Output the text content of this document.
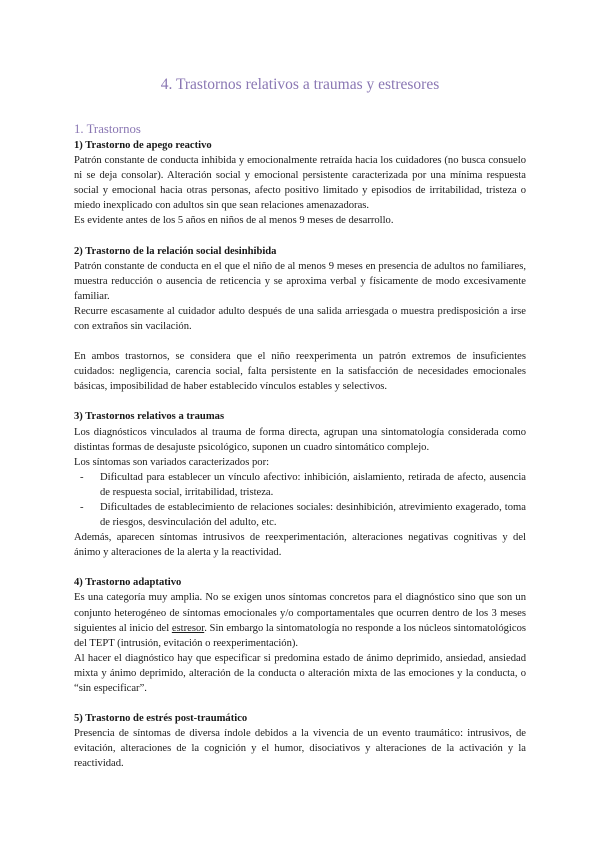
4. Trastornos relativos a traumas y estresores
1. Trastornos

1) Trastorno de apego reactivo

Patrón constante de conducta inhibida y emocionalmente retraída hacia los cuidadores (no busca consuelo ni se deja consolar). Alteración social y emocional persistente caracterizada por una mínima respuesta social y emocional hacia otras personas, afecto positivo limitado y episodios de irritabilidad, tristeza o miedo inexplicado con adultos sin que sean relaciones amenazadoras.

Es evidente antes de los 5 años en niños de al menos 9 meses de desarrollo.

2) Trastorno de la relación social desinhibida

Patrón constante de conducta en el que el niño de al menos 9 meses en presencia de adultos no familiares, muestra reducción o ausencia de reticencia y se aproxima verbal y físicamente de modo excesivamente familiar.

Recurre escasamente al cuidador adulto después de una salida arriesgada o muestra predisposición a irse con extraños sin vacilación.

En ambos trastornos, se considera que el niño reexperimenta un patrón extremos de insuficientes cuidados: negligencia, carencia social, falta persistente en la satisfacción de necesidades emocionales básicas, imposibilidad de haber establecido vínculos estables y selectivos.

3) Trastornos relativos a traumas

Los diagnósticos vinculados al trauma de forma directa, agrupan una sintomatología considerada como distintas formas de desajuste psicológico, suponen un cuadro sintomático complejo.

Los síntomas son variados caracterizados por:

- Dificultad para establecer un vínculo afectivo: inhibición, aislamiento, retirada de afecto, ausencia de respuesta social, irritabilidad, tristeza.
- Dificultades de establecimiento de relaciones sociales: desinhibición, atrevimiento exagerado, toma de riesgos, desvinculación del adulto, etc.

Además, aparecen síntomas intrusivos de reexperimentación, alteraciones negativas cognitivas y del ánimo y alteraciones de la alerta y la reactividad.

4) Trastorno adaptativo

Es una categoría muy amplia. No se exigen unos síntomas concretos para el diagnóstico sino que son un conjunto heterogéneo de síntomas emocionales y/o comportamentales que ocurren dentro de los 3 meses siguientes al inicio del estresor. Sin embargo la sintomatología no responde a los núcleos sintomatológicos del TEPT (intrusión, evitación o reexperimentación).

Al hacer el diagnóstico hay que especificar si predomina estado de ánimo deprimido, ansiedad, ansiedad mixta y ánimo deprimido, alteración de la conducta o alteración mixta de las emociones y la conducta, o “sin especificar”.

5) Trastorno de estrés post-traumático

Presencia de síntomas de diversa índole debidos a la vivencia de un evento traumático: intrusivos, de evitación, alteraciones de la cognición y el humor, disociativos y alteraciones de la activación y la reactividad.
